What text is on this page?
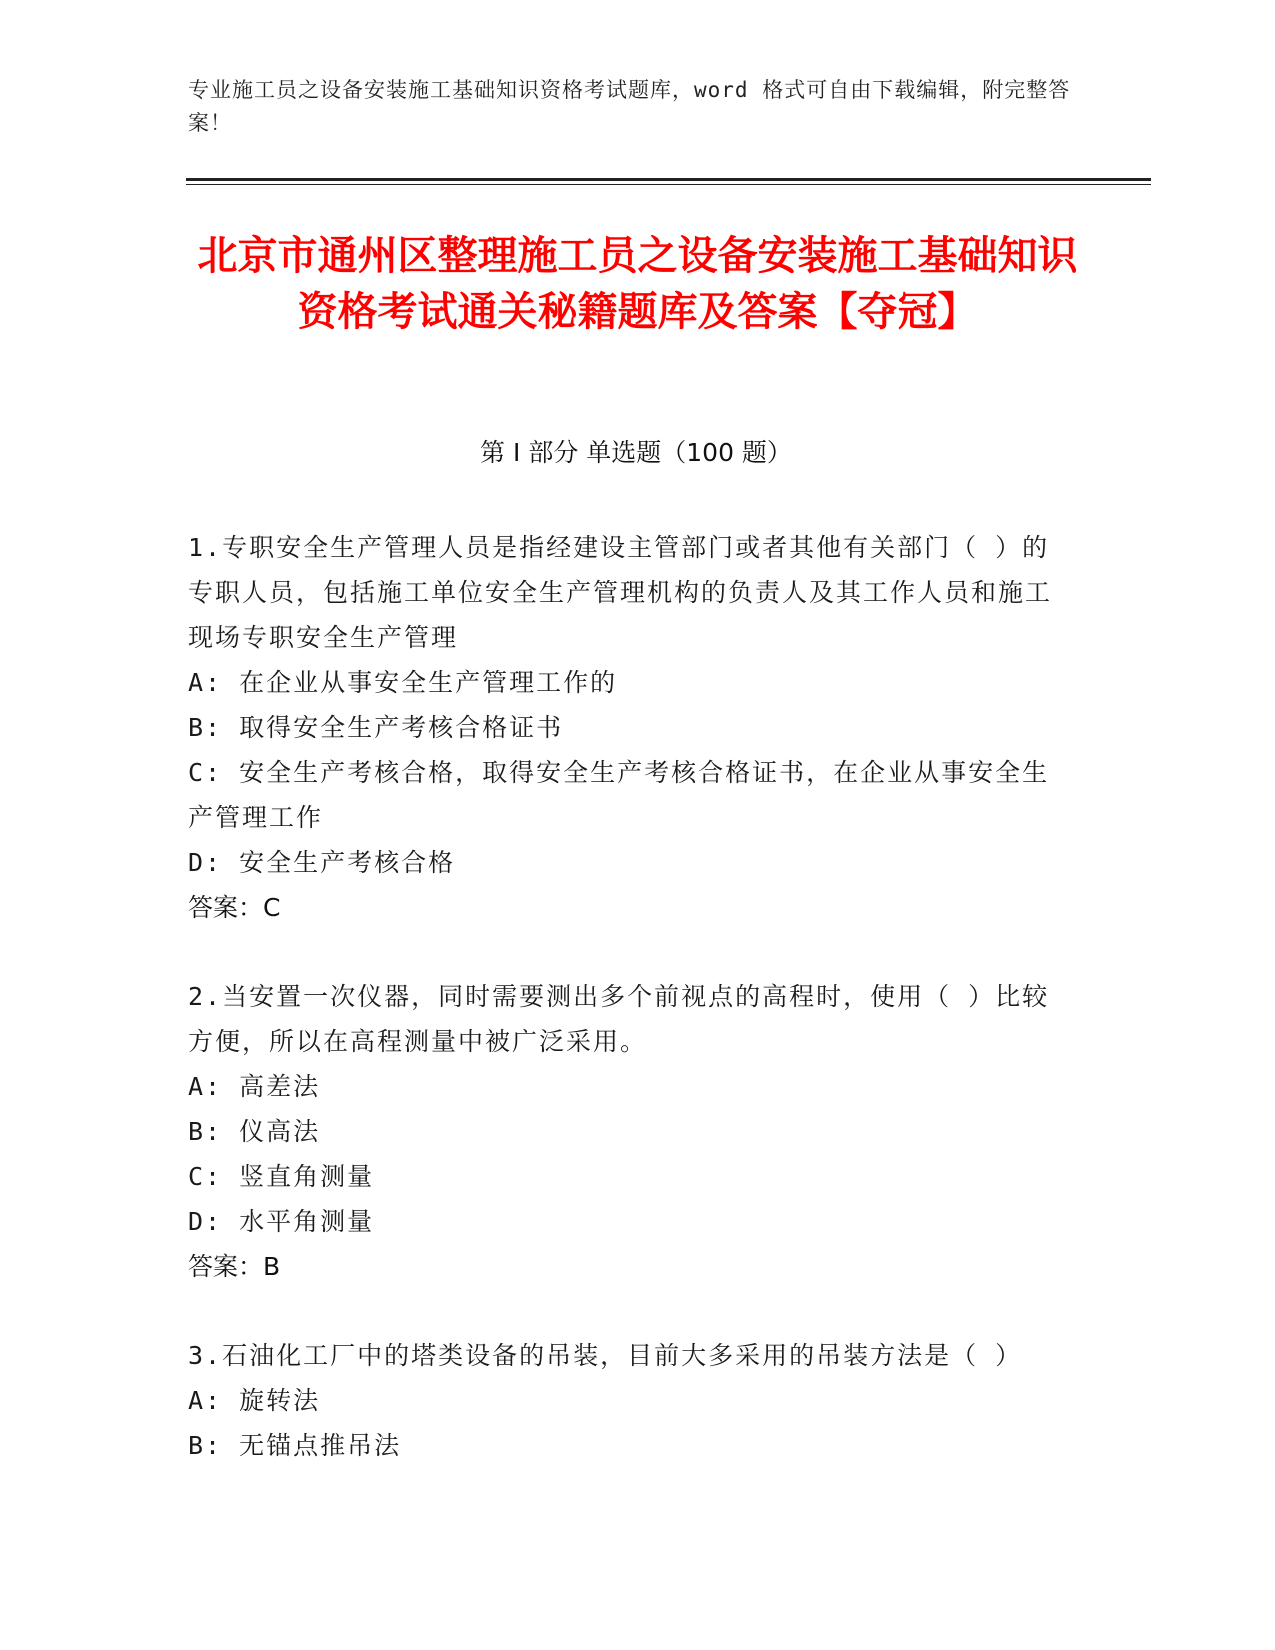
专业施工员之设备安装施工基础知识资格考试题库，word 格式可自由下载编辑，附完整答案！
北京市通州区整理施工员之设备安装施工基础知识资格考试通关秘籍题库及答案【夺冠】
第 I 部分 单选题（100 题）

1.专职安全生产管理人员是指经建设主管部门或者其他有关部门（ ）的专职人员，包括施工单位安全生产管理机构的负责人及其工作人员和施工现场专职安全生产管理

A: 在企业从事安全生产管理工作的

B: 取得安全生产考核合格证书

C: 安全生产考核合格，取得安全生产考核合格证书，在企业从事安全生产管理工作

D: 安全生产考核合格

答案：C

2.当安置一次仪器，同时需要测出多个前视点的高程时，使用（ ）比较方便，所以在高程测量中被广泛采用。

A: 高差法

B: 仪高法

C: 竖直角测量

D: 水平角测量

答案：B

3.石油化工厂中的塔类设备的吊装，目前大多采用的吊装方法是（ ）

A: 旋转法

B: 无锚点推吊法
